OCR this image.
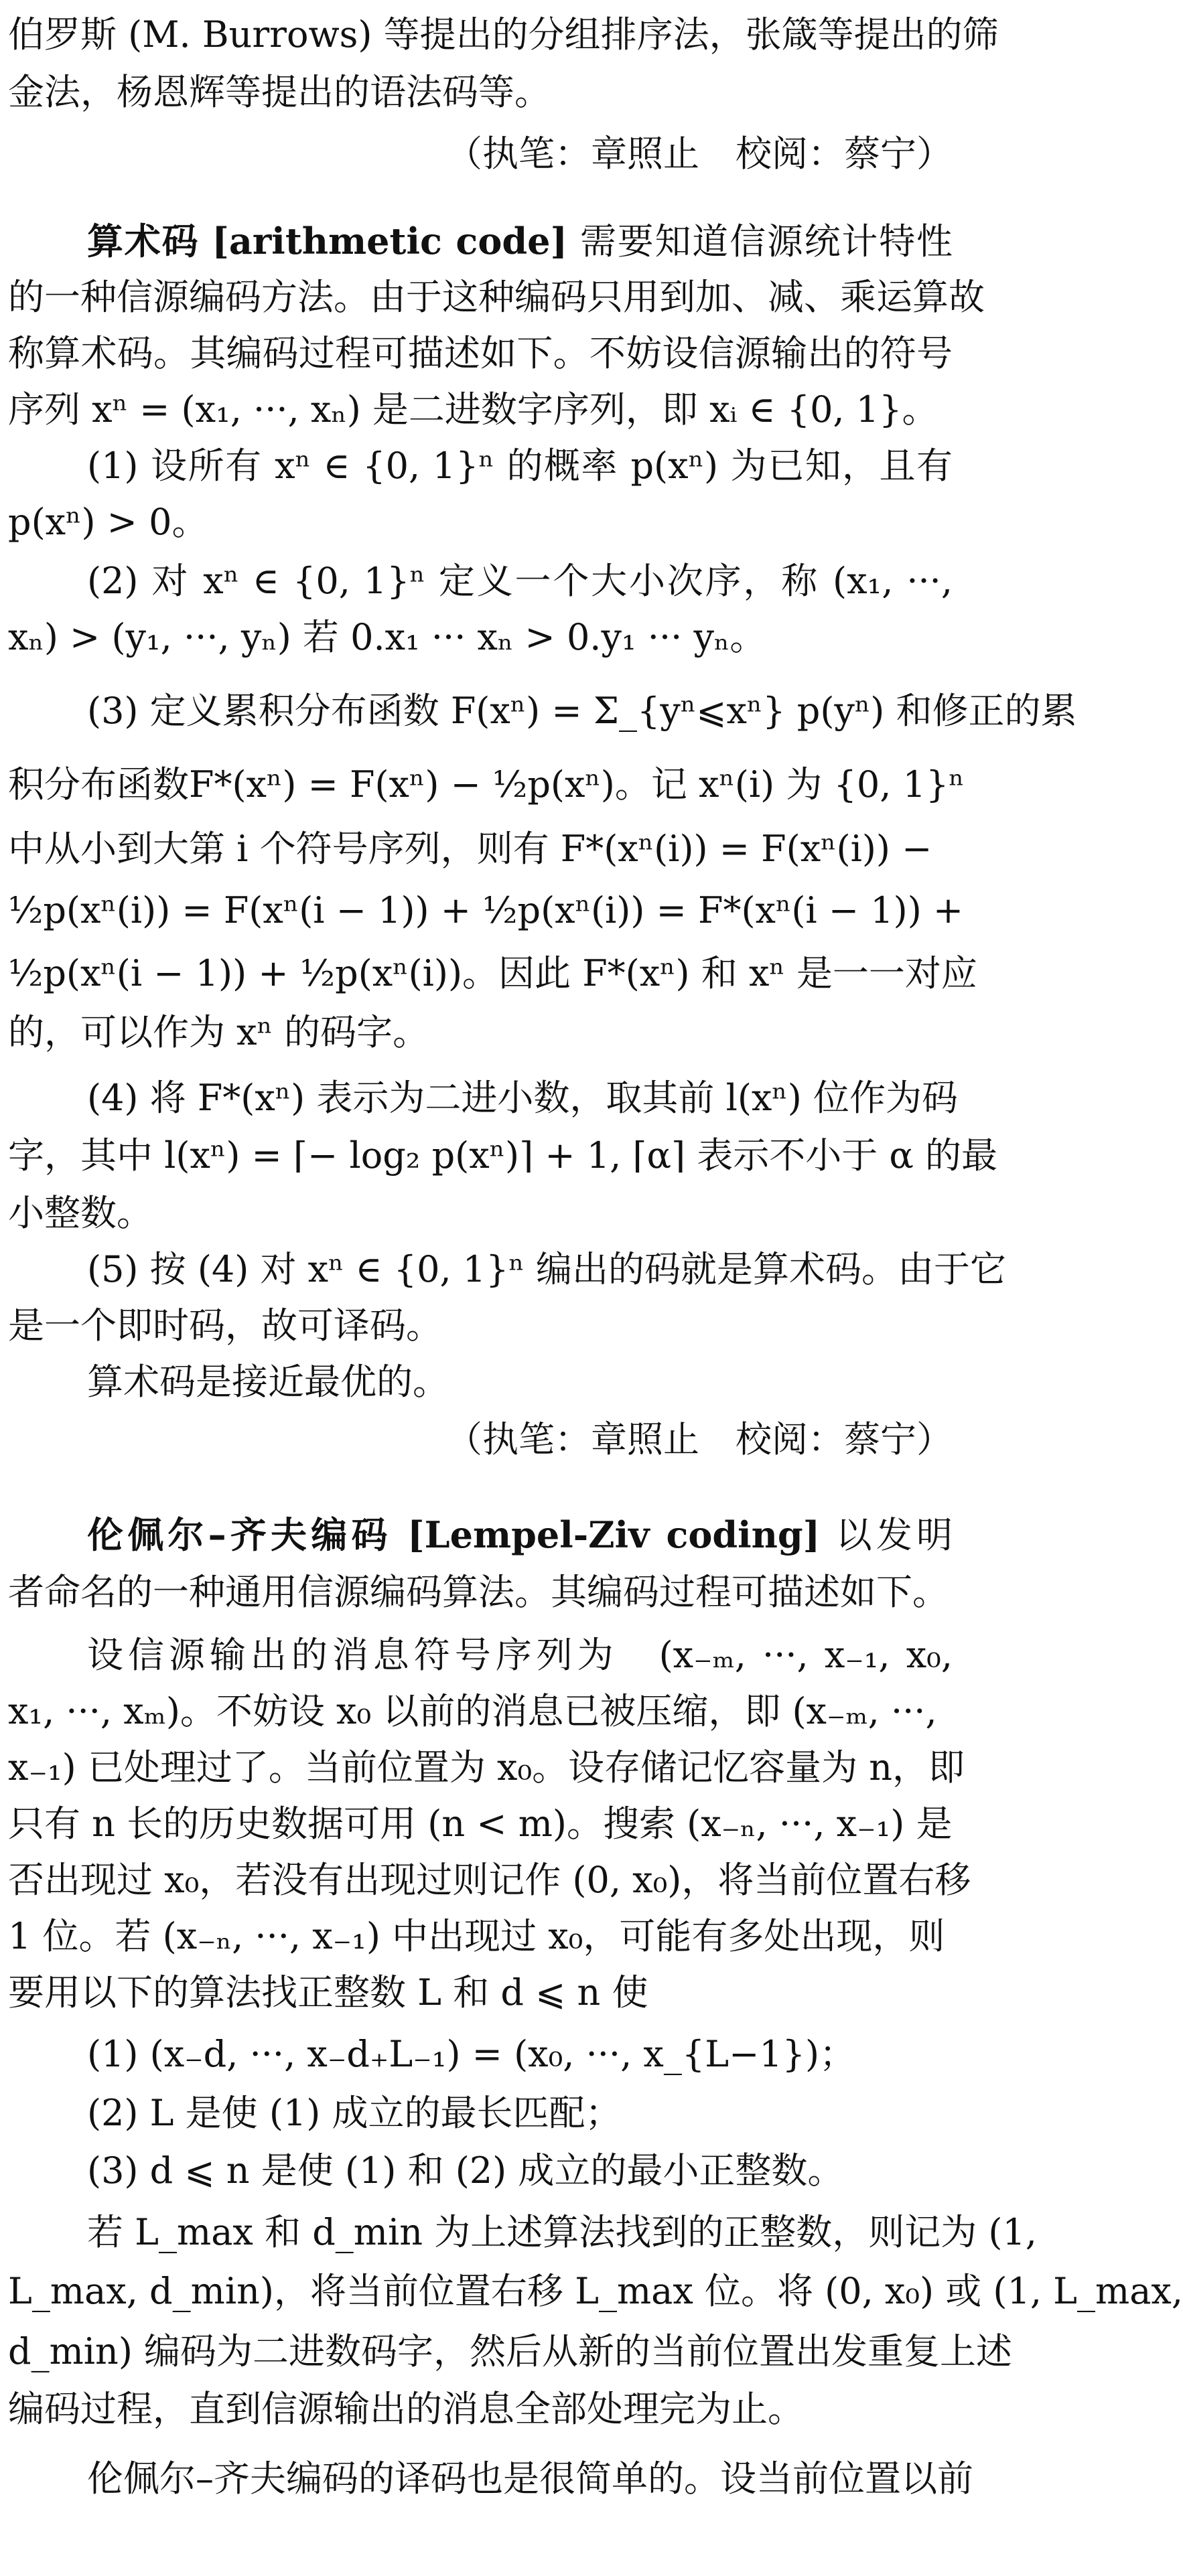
伯罗斯 (M. Burrows) 等提出的分组排序法，张箴等提出的筛
金法，杨恩辉等提出的语法码等。
（执笔：章照止　校阅：蔡宁）
算术码 [arithmetic code] 需要知道信源统计特性
的一种信源编码方法。由于这种编码只用到加、减、乘运算故
称算术码。其编码过程可描述如下。不妨设信源输出的符号
序列 xⁿ = (x₁, ···, xₙ) 是二进数字序列，即 xᵢ ∈ {0, 1}。
(1) 设所有 xⁿ ∈ {0, 1}ⁿ 的概率 p(xⁿ) 为已知，且有
p(xⁿ) > 0。
(2) 对 xⁿ ∈ {0, 1}ⁿ 定义一个大小次序，称 (x₁, ···,
xₙ) > (y₁, ···, yₙ) 若 0.x₁ ··· xₙ > 0.y₁ ··· yₙ。
(3) 定义累积分布函数 F(xⁿ) = Σ_{yⁿ⩽xⁿ} p(yⁿ) 和修正的累
积分布函数F*(xⁿ) = F(xⁿ) − ½p(xⁿ)。记 xⁿ(i) 为 {0, 1}ⁿ
中从小到大第 i 个符号序列，则有 F*(xⁿ(i)) = F(xⁿ(i)) −
½p(xⁿ(i)) = F(xⁿ(i − 1)) + ½p(xⁿ(i)) = F*(xⁿ(i − 1)) +
½p(xⁿ(i − 1)) + ½p(xⁿ(i))。因此 F*(xⁿ) 和 xⁿ 是一一对应
的，可以作为 xⁿ 的码字。
(4) 将 F*(xⁿ) 表示为二进小数，取其前 l(xⁿ) 位作为码
字，其中 l(xⁿ) = ⌈− log₂ p(xⁿ)⌉ + 1, ⌈α⌉ 表示不小于 α 的最
小整数。
(5) 按 (4) 对 xⁿ ∈ {0, 1}ⁿ 编出的码就是算术码。由于它
是一个即时码，故可译码。
算术码是接近最优的。
（执笔：章照止　校阅：蔡宁）
伦佩尔–齐夫编码 [Lempel-Ziv coding] 以发明
者命名的一种通用信源编码算法。其编码过程可描述如下。
设信源输出的消息符号序列为　(x₋ₘ, ···, x₋₁, x₀,
x₁, ···, xₘ)。不妨设 x₀ 以前的消息已被压缩，即 (x₋ₘ, ···,
x₋₁) 已处理过了。当前位置为 x₀。设存储记忆容量为 n，即
只有 n 长的历史数据可用 (n < m)。搜索 (x₋ₙ, ···, x₋₁) 是
否出现过 x₀，若没有出现过则记作 (0, x₀)，将当前位置右移
1 位。若 (x₋ₙ, ···, x₋₁) 中出现过 x₀，可能有多处出现，则
要用以下的算法找正整数 L 和 d ⩽ n 使
(1) (x₋d, ···, x₋d₊L₋₁) = (x₀, ···, x_{L−1})；
(2) L 是使 (1) 成立的最长匹配；
(3) d ⩽ n 是使 (1) 和 (2) 成立的最小正整数。
若 L_max 和 d_min 为上述算法找到的正整数，则记为 (1,
L_max, d_min)，将当前位置右移 L_max 位。将 (0, x₀) 或 (1, L_max,
d_min) 编码为二进数码字，然后从新的当前位置出发重复上述
编码过程，直到信源输出的消息全部处理完为止。
伦佩尔–齐夫编码的译码也是很简单的。设当前位置以前
